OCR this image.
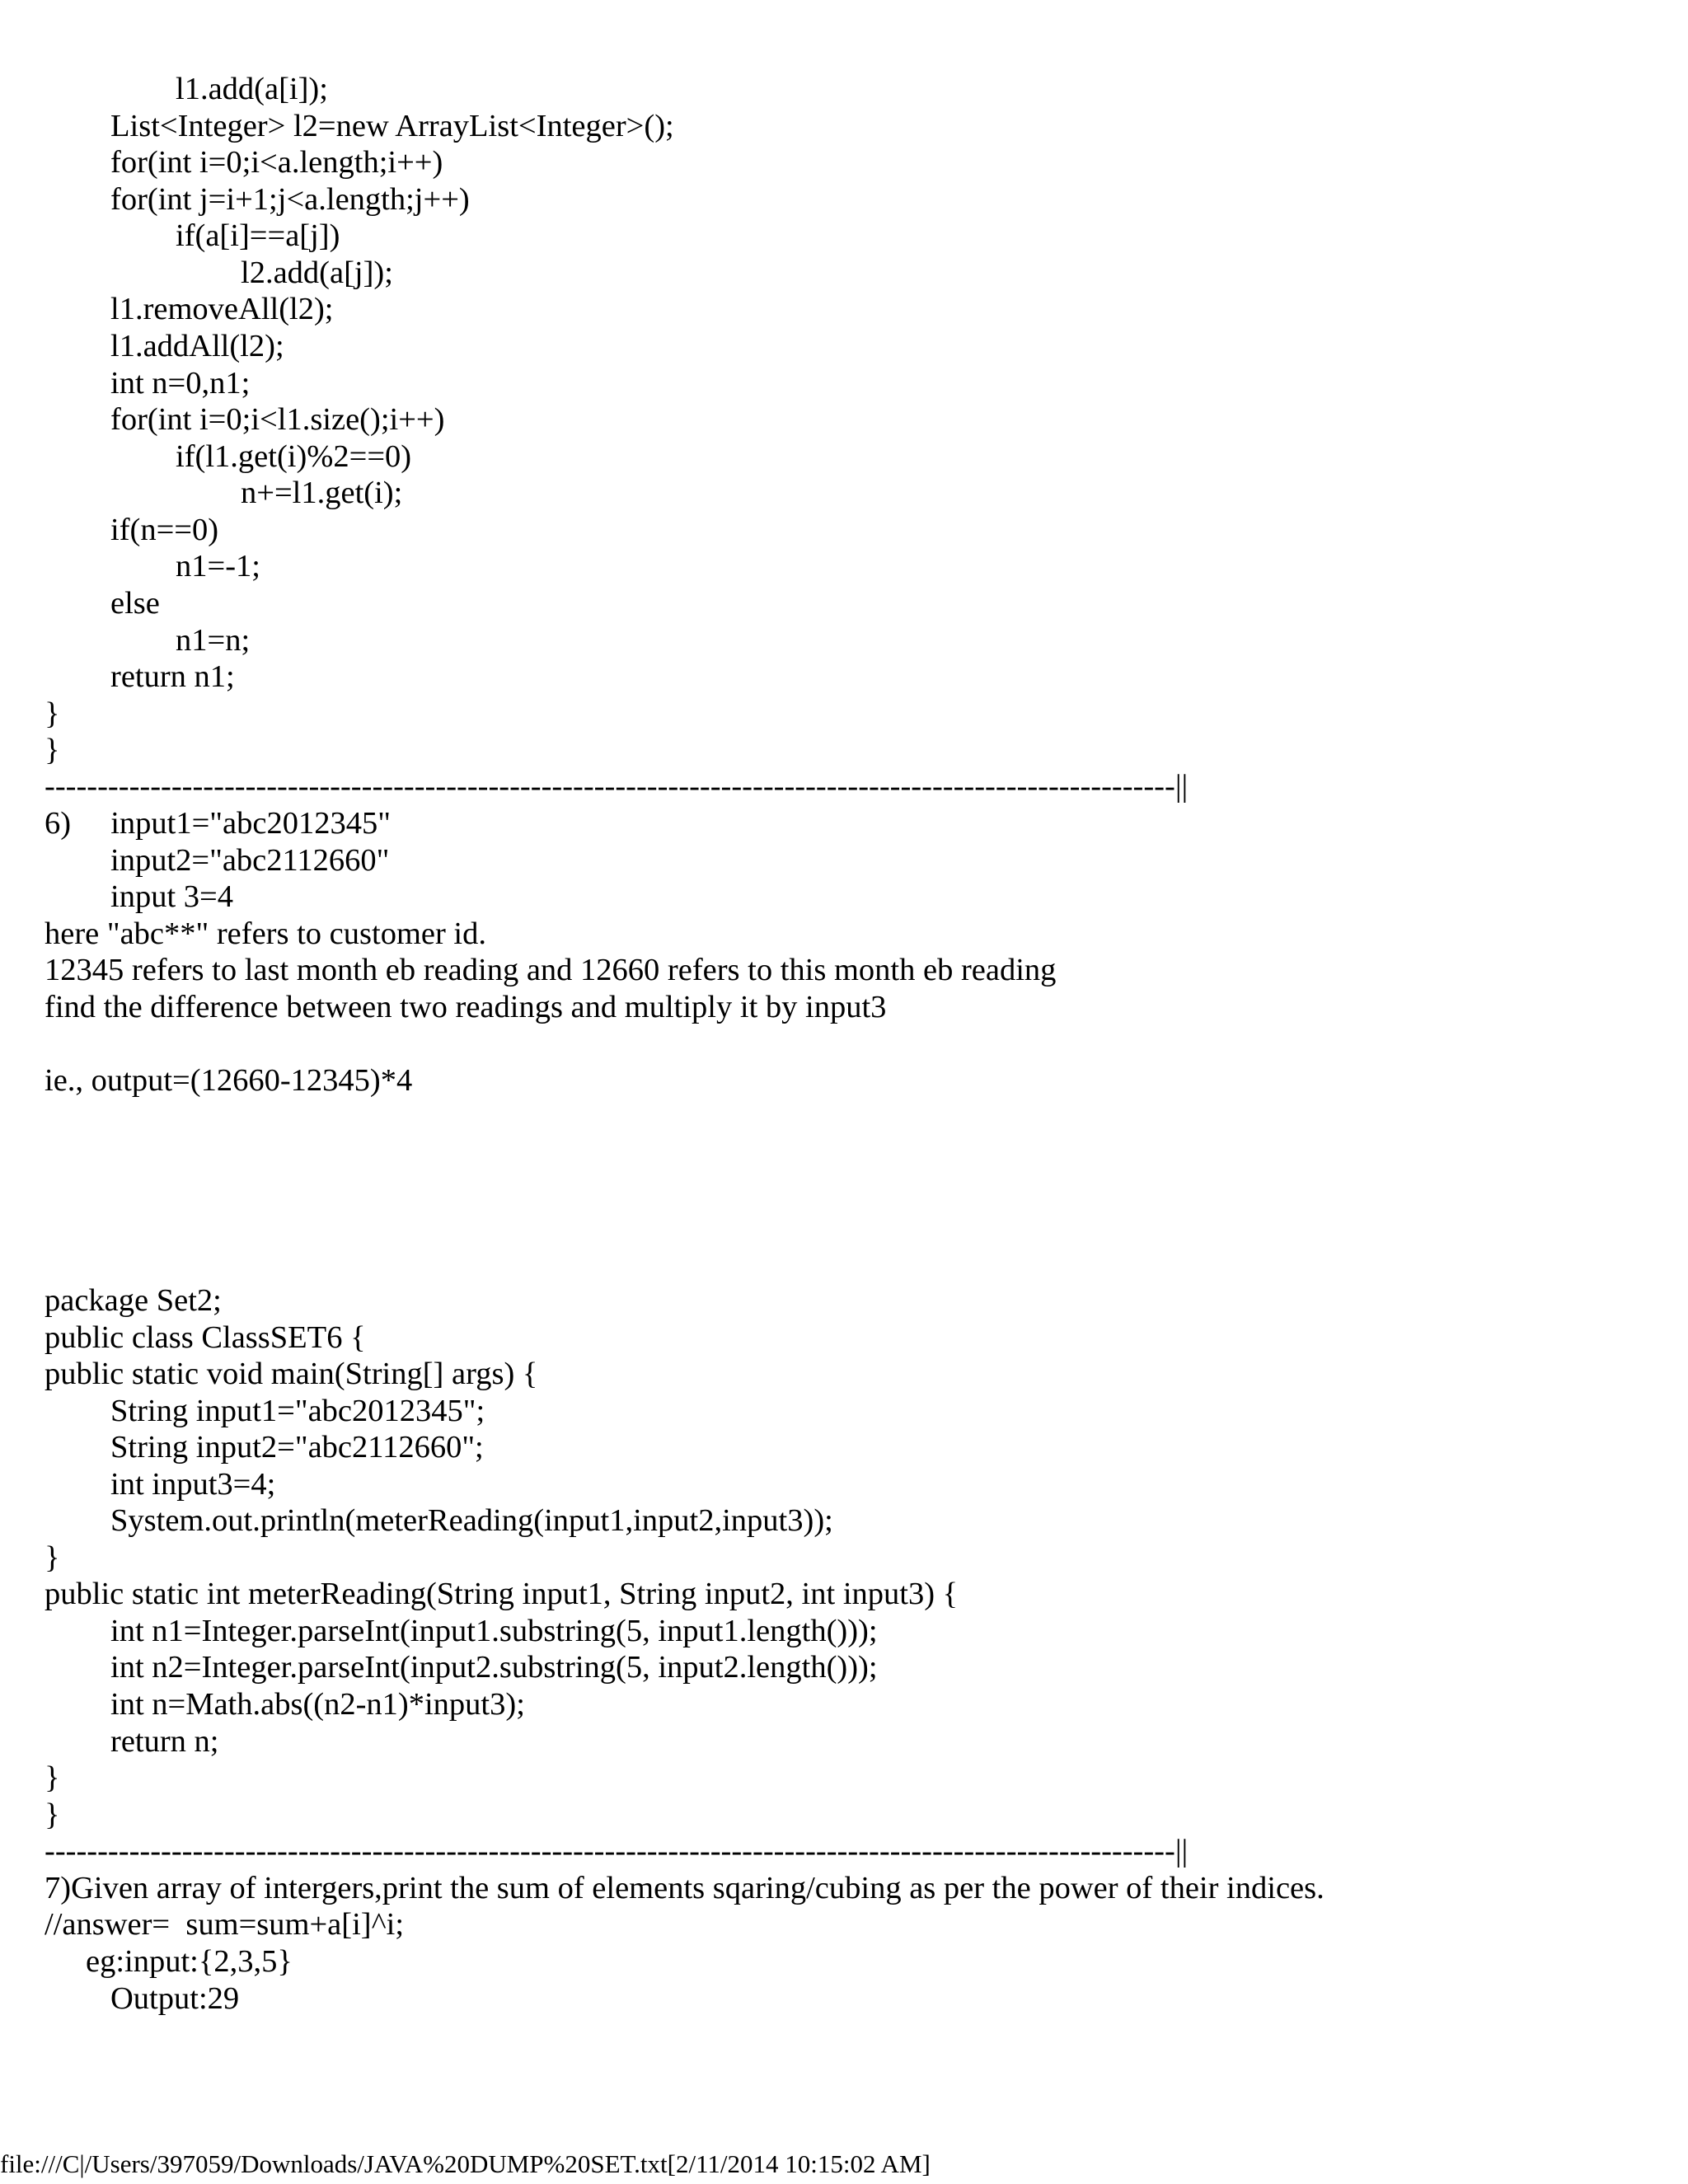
l1.add(a[i]);

List<Integer> l2=new ArrayList<Integer>();

for(int i=0;i<a.length;i++)

for(int j=i+1;j<a.length;j++)

if(a[i]==a[j])

l2.add(a[j]);

l1.removeAll(l2);

l1.addAll(l2);

int n=0,n1;

for(int i=0;i<l1.size();i++)

if(l1.get(i)%2==0)

n+=l1.get(i);

if(n==0)

n1=-1;

else

n1=n;

return n1;

}

}

-----------------------------------------------------------------------------------------------------------||

6)     input1="abc2012345"

input2="abc2112660"

input 3=4

here "abc**" refers to customer id.

12345 refers to last month eb reading and 12660 refers to this month eb reading

find the difference between two readings and multiply it by input3

ie., output=(12660-12345)*4

package Set2;

public class ClassSET6 {

public static void main(String[] args) {

String input1="abc2012345";

String input2="abc2112660";

int input3=4;

System.out.println(meterReading(input1,input2,input3));

}

public static int meterReading(String input1, String input2, int input3) {

int n1=Integer.parseInt(input1.substring(5, input1.length()));

int n2=Integer.parseInt(input2.substring(5, input2.length()));

int n=Math.abs((n2-n1)*input3);

return n;

}

}

-----------------------------------------------------------------------------------------------------------||

7)Given array of intergers,print the sum of elements sqaring/cubing as per the power of their indices.

//answer=  sum=sum+a[i]^i;

eg:input:{2,3,5}

Output:29

file:///C|/Users/397059/Downloads/JAVA%20DUMP%20SET.txt[2/11/2014 10:15:02 AM]
